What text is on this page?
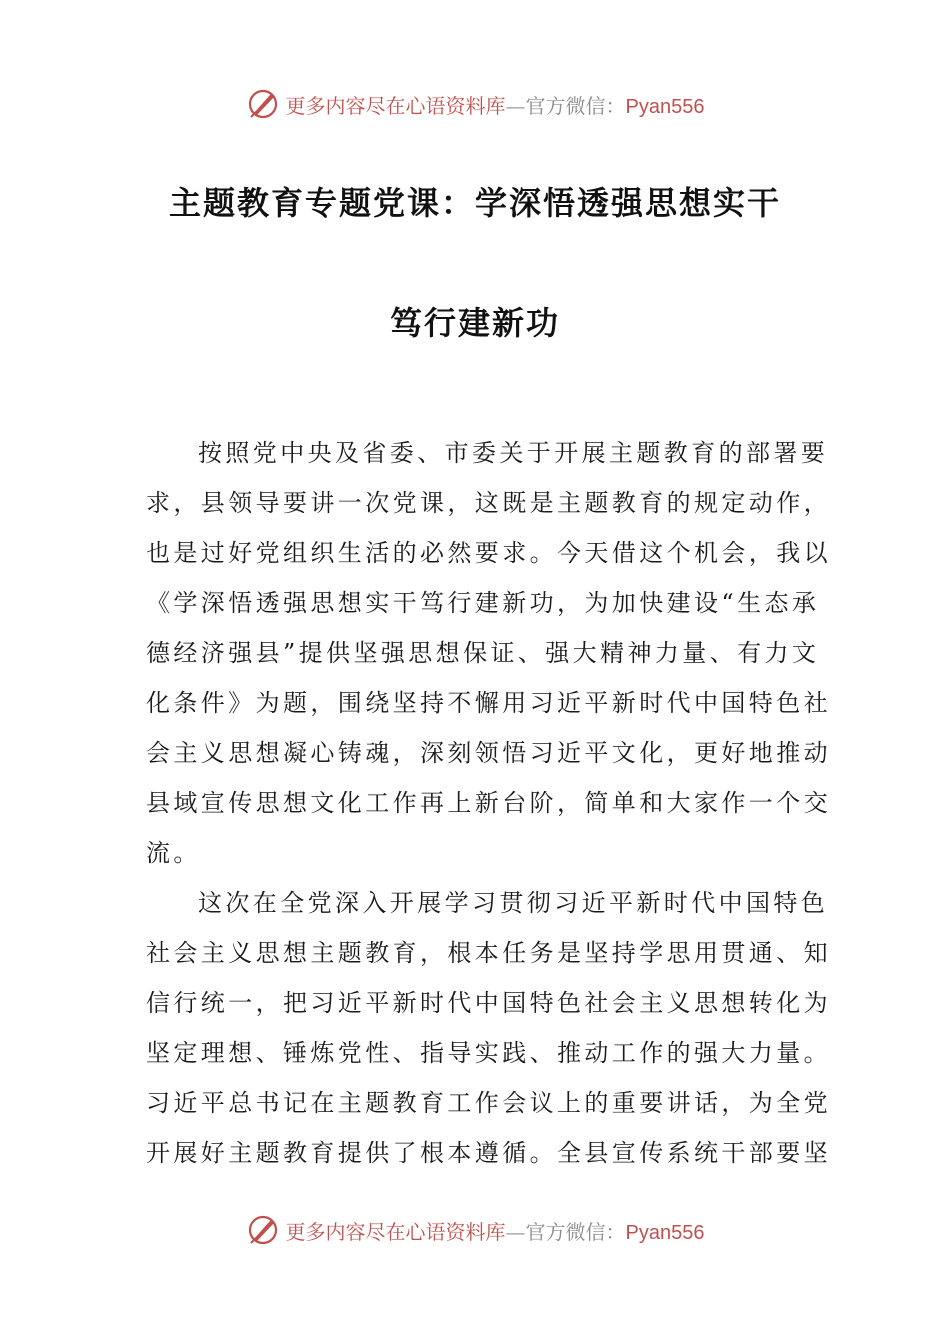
更多内容尽在心语资料库—官方微信：Pyan556
主题教育专题党课：学深悟透强思想实干
笃行建新功
按照党中央及省委、市委关于开展主题教育的部署要
求，县领导要讲一次党课，这既是主题教育的规定动作，
也是过好党组织生活的必然要求。今天借这个机会，我以
《学深悟透强思想实干笃行建新功，为加快建设“生态承
德经济强县”提供坚强思想保证、强大精神力量、有力文
化条件》为题，围绕坚持不懈用习近平新时代中国特色社
会主义思想凝心铸魂，深刻领悟习近平文化，更好地推动
县域宣传思想文化工作再上新台阶，简单和大家作一个交
流。
这次在全党深入开展学习贯彻习近平新时代中国特色
社会主义思想主题教育，根本任务是坚持学思用贯通、知
信行统一，把习近平新时代中国特色社会主义思想转化为
坚定理想、锤炼党性、指导实践、推动工作的强大力量。
习近平总书记在主题教育工作会议上的重要讲话，为全党
开展好主题教育提供了根本遵循。全县宣传系统干部要坚
更多内容尽在心语资料库—官方微信：Pyan556
